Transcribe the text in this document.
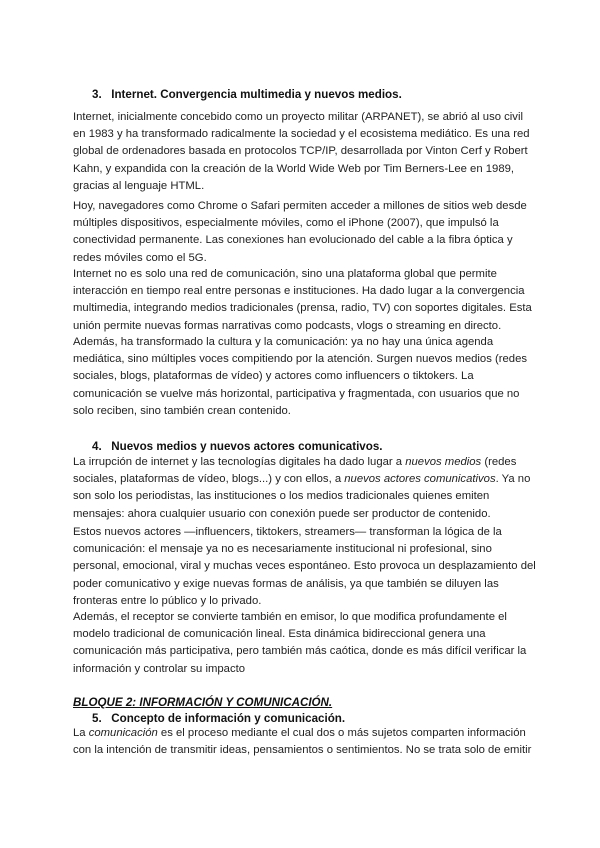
3. Internet. Convergencia multimedia y nuevos medios.
Internet, inicialmente concebido como un proyecto militar (ARPANET), se abrió al uso civil
en 1983 y ha transformado radicalmente la sociedad y el ecosistema mediático. Es una red
global de ordenadores basada en protocolos TCP/IP, desarrollada por Vinton Cerf y Robert
Kahn, y expandida con la creación de la World Wide Web por Tim Berners-Lee en 1989,
gracias al lenguaje HTML.
Hoy, navegadores como Chrome o Safari permiten acceder a millones de sitios web desde
múltiples dispositivos, especialmente móviles, como el iPhone (2007), que impulsó la
conectividad permanente. Las conexiones han evolucionado del cable a la fibra óptica y
redes móviles como el 5G.
Internet no es solo una red de comunicación, sino una plataforma global que permite
interacción en tiempo real entre personas e instituciones. Ha dado lugar a la convergencia
multimedia, integrando medios tradicionales (prensa, radio, TV) con soportes digitales. Esta
unión permite nuevas formas narrativas como podcasts, vlogs o streaming en directo.
Además, ha transformado la cultura y la comunicación: ya no hay una única agenda
mediática, sino múltiples voces compitiendo por la atención. Surgen nuevos medios (redes
sociales, blogs, plataformas de vídeo) y actores como influencers o tiktokers. La
comunicación se vuelve más horizontal, participativa y fragmentada, con usuarios que no
solo reciben, sino también crean contenido.
4. Nuevos medios y nuevos actores comunicativos.
La irrupción de internet y las tecnologías digitales ha dado lugar a nuevos medios (redes
sociales, plataformas de vídeo, blogs...) y con ellos, a nuevos actores comunicativos. Ya no
son solo los periodistas, las instituciones o los medios tradicionales quienes emiten
mensajes: ahora cualquier usuario con conexión puede ser productor de contenido.
Estos nuevos actores —influencers, tiktokers, streamers— transforman la lógica de la
comunicación: el mensaje ya no es necesariamente institucional ni profesional, sino
personal, emocional, viral y muchas veces espontáneo. Esto provoca un desplazamiento del
poder comunicativo y exige nuevas formas de análisis, ya que también se diluyen las
fronteras entre lo público y lo privado.
Además, el receptor se convierte también en emisor, lo que modifica profundamente el
modelo tradicional de comunicación lineal. Esta dinámica bidireccional genera una
comunicación más participativa, pero también más caótica, donde es más difícil verificar la
información y controlar su impacto
BLOQUE 2: INFORMACIÓN Y COMUNICACIÓN.
5. Concepto de información y comunicación.
La comunicación es el proceso mediante el cual dos o más sujetos comparten información
con la intención de transmitir ideas, pensamientos o sentimientos. No se trata solo de emitir
